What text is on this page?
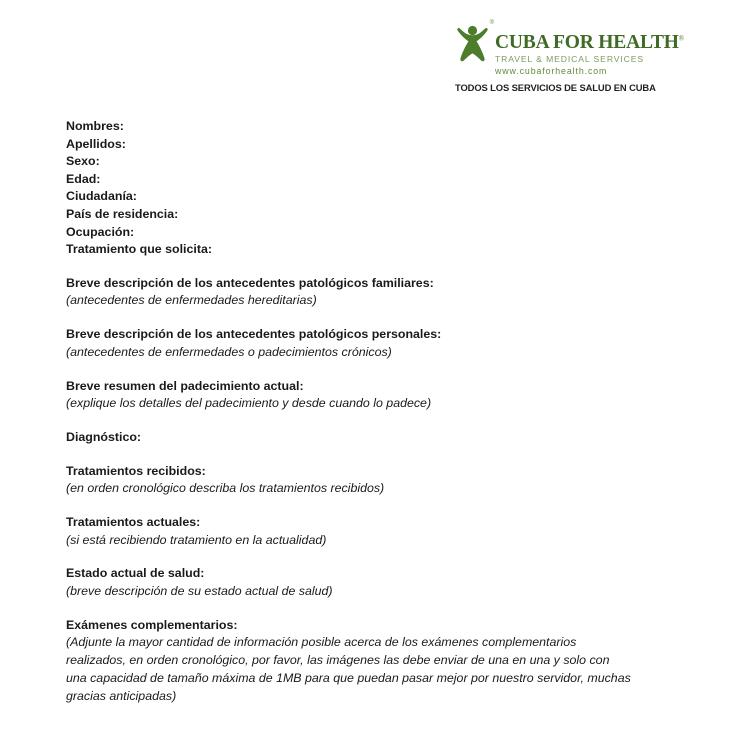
®
CUBA FOR HEALTH®
TRAVEL & MEDICAL SERVICES
www.cubaforhealth.com
TODOS LOS SERVICIOS DE SALUD EN CUBA
Nombres:
Apellidos:
Sexo:
Edad:
Ciudadanía:
País de residencia:
Ocupación:
Tratamiento que solicita:
Breve descripción de los antecedentes patológicos familiares:
(antecedentes de enfermedades hereditarias)
Breve descripción de los antecedentes patológicos personales:
(antecedentes de enfermedades o padecimientos crónicos)
Breve resumen del padecimiento actual:
(explique los detalles del padecimiento y desde cuando lo padece)
Diagnóstico:
Tratamientos recibidos:
(en orden cronológico describa los tratamientos recibidos)
Tratamientos actuales:
(si está recibiendo tratamiento en la actualidad)
Estado actual de salud:
(breve descripción de su estado actual de salud)
Exámenes complementarios:
(Adjunte la mayor cantidad de información posible acerca de los exámenes complementarios realizados, en orden cronológico, por favor, las imágenes las debe enviar de una en una y solo con una capacidad de tamaño máxima de 1MB para que puedan pasar mejor por nuestro servidor, muchas gracias anticipadas)
